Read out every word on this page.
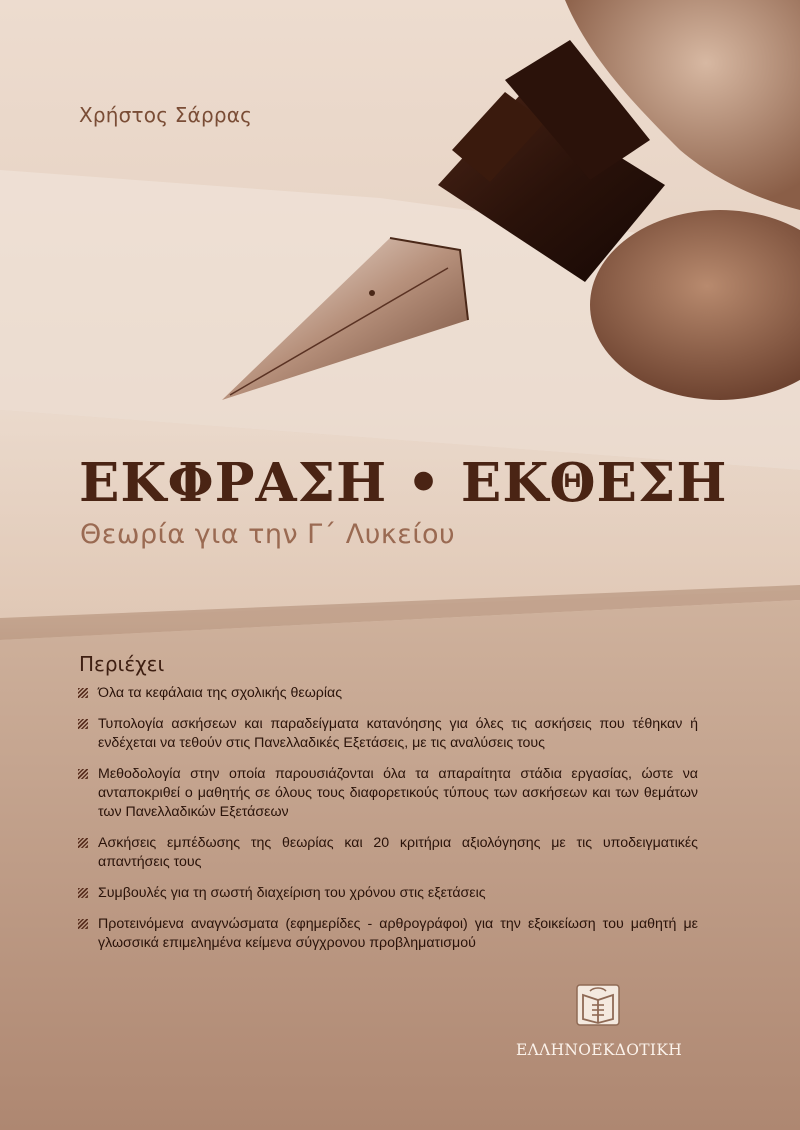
Χρήστος Σάρρας
ΕΚΦΡΑΣΗ • ΕΚΘΕΣΗ
Θεωρία για την Γ΄ Λυκείου
Περιέχει
Όλα τα κεφάλαια της σχολικής θεωρίας
Τυπολογία ασκήσεων και παραδείγματα κατανόησης για όλες τις ασκήσεις που τέθηκαν ή ενδέχεται να τεθούν στις Πανελλαδικές Εξετάσεις, με τις αναλύσεις τους
Μεθοδολογία στην οποία παρουσιάζονται όλα τα απαραίτητα στάδια εργασίας, ώστε να ανταποκριθεί ο μαθητής σε όλους τους διαφορετικούς τύπους των ασκήσεων και των θεμάτων των Πανελλαδικών Εξετάσεων
Ασκήσεις εμπέδωσης της θεωρίας και 20 κριτήρια αξιολόγησης με τις υποδειγματικές απαντήσεις τους
Συμβουλές για τη σωστή διαχείριση του χρόνου στις εξετάσεις
Προτεινόμενα αναγνώσματα (εφημερίδες - αρθρογράφοι) για την εξοικείωση του μαθητή με γλωσσικά επιμελημένα κείμενα σύγχρονου προβληματισμού
ΕΛΛΗΝΟΕΚΔΟΤΙΚΗ
